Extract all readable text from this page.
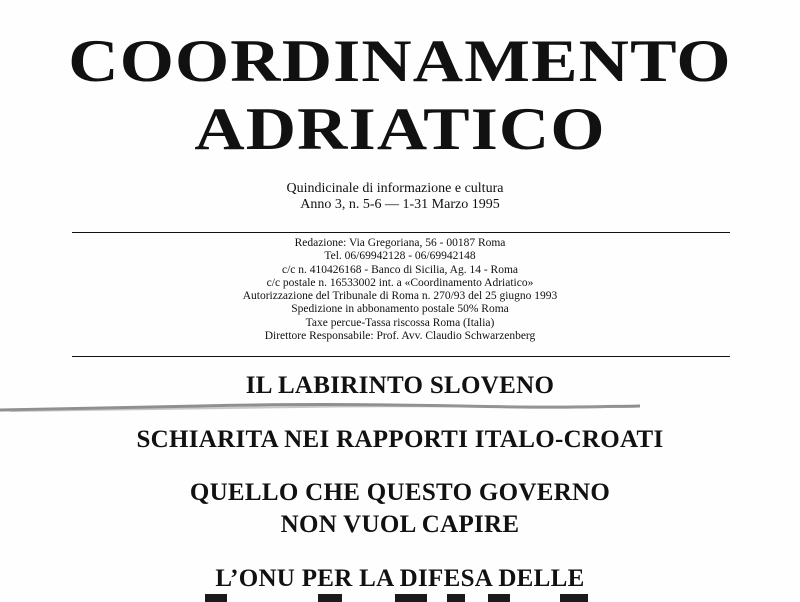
COORDINAMENTO
ADRIATICO
Quindicinale di informazione e cultura
Anno 3, n. 5-6 — 1-31 Marzo 1995
Redazione: Via Gregoriana, 56 - 00187 Roma
Tel. 06/69942128 - 06/69942148
c/c n. 410426168 - Banco di Sicilia, Ag. 14 - Roma
c/c postale n. 16533002 int. a «Coordinamento Adriatico»
Autorizzazione del Tribunale di Roma n. 270/93 del 25 giugno 1993
Spedizione in abbonamento postale 50% Roma
Taxe percue-Tassa riscossa Roma (Italia)
Direttore Responsabile: Prof. Avv. Claudio Schwarzenberg
IL LABIRINTO SLOVENO
SCHIARITA NEI RAPPORTI ITALO-CROATI
QUELLO CHE QUESTO GOVERNO
NON VUOL CAPIRE
L’ONU PER LA DIFESA DELLE
